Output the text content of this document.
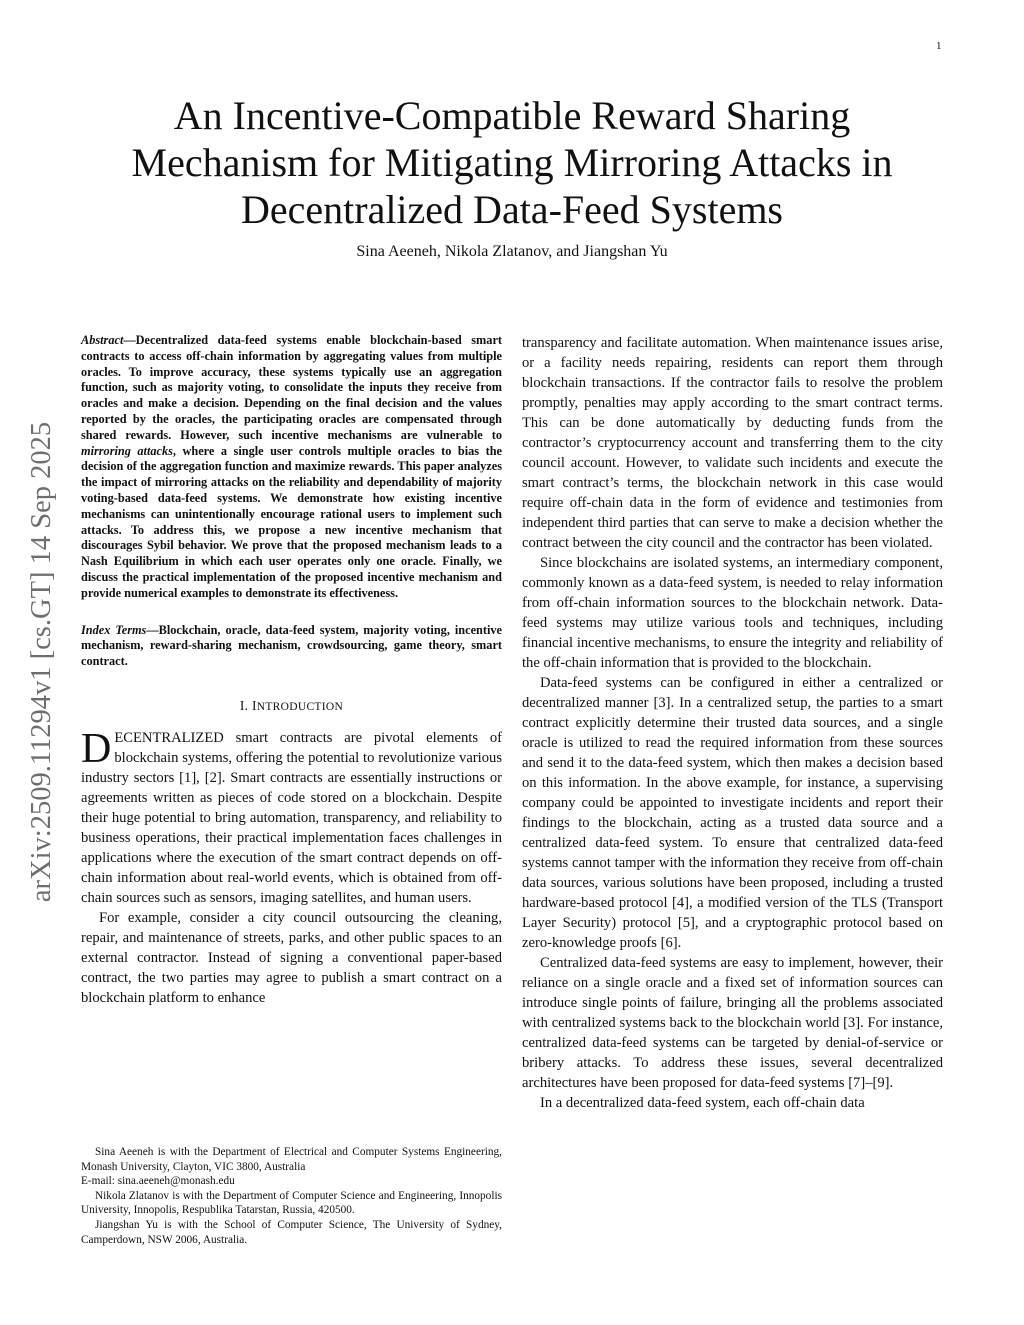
1
arXiv:2509.11294v1 [cs.GT] 14 Sep 2025
An Incentive-Compatible Reward Sharing Mechanism for Mitigating Mirroring Attacks in Decentralized Data-Feed Systems

Sina Aeeneh, Nikola Zlatanov, and Jiangshan Yu

Abstract—Decentralized data-feed systems enable blockchain-based smart contracts to access off-chain information by aggregating values from multiple oracles. To improve accuracy, these systems typically use an aggregation function, such as majority voting, to consolidate the inputs they receive from oracles and make a decision. Depending on the final decision and the values reported by the oracles, the participating oracles are compensated through shared rewards. However, such incentive mechanisms are vulnerable to mirroring attacks, where a single user controls multiple oracles to bias the decision of the aggregation function and maximize rewards. This paper analyzes the impact of mirroring attacks on the reliability and dependability of majority voting-based data-feed systems. We demonstrate how existing incentive mechanisms can unintentionally encourage rational users to implement such attacks. To address this, we propose a new incentive mechanism that discourages Sybil behavior. We prove that the proposed mechanism leads to a Nash Equilibrium in which each user operates only one oracle. Finally, we discuss the practical implementation of the proposed incentive mechanism and provide numerical examples to demonstrate its effectiveness.

Index Terms—Blockchain, oracle, data-feed system, majority voting, incentive mechanism, reward-sharing mechanism, crowdsourcing, game theory, smart contract.

I. INTRODUCTION

DECENTRALIZED smart contracts are pivotal elements of blockchain systems, offering the potential to revolutionize various industry sectors [1], [2]. Smart contracts are essentially instructions or agreements written as pieces of code stored on a blockchain. Despite their huge potential to bring automation, transparency, and reliability to business operations, their practical implementation faces challenges in applications where the execution of the smart contract depends on off-chain information about real-world events, which is obtained from off-chain sources such as sensors, imaging satellites, and human users.

For example, consider a city council outsourcing the cleaning, repair, and maintenance of streets, parks, and other public spaces to an external contractor. Instead of signing a conventional paper-based contract, the two parties may agree to publish a smart contract on a blockchain platform to enhance

Sina Aeeneh is with the Department of Electrical and Computer Systems Engineering, Monash University, Clayton, VIC 3800, Australia

E-mail: sina.aeeneh@monash.edu

Nikola Zlatanov is with the Department of Computer Science and Engineering, Innopolis University, Innopolis, Respublika Tatarstan, Russia, 420500.

Jiangshan Yu is with the School of Computer Science, The University of Sydney, Camperdown, NSW 2006, Australia.

transparency and facilitate automation. When maintenance issues arise, or a facility needs repairing, residents can report them through blockchain transactions. If the contractor fails to resolve the problem promptly, penalties may apply according to the smart contract terms. This can be done automatically by deducting funds from the contractor’s cryptocurrency account and transferring them to the city council account. However, to validate such incidents and execute the smart contract’s terms, the blockchain network in this case would require off-chain data in the form of evidence and testimonies from independent third parties that can serve to make a decision whether the contract between the city council and the contractor has been violated.

Since blockchains are isolated systems, an intermediary component, commonly known as a data-feed system, is needed to relay information from off-chain information sources to the blockchain network. Data-feed systems may utilize various tools and techniques, including financial incentive mechanisms, to ensure the integrity and reliability of the off-chain information that is provided to the blockchain.

Data-feed systems can be configured in either a centralized or decentralized manner [3]. In a centralized setup, the parties to a smart contract explicitly determine their trusted data sources, and a single oracle is utilized to read the required information from these sources and send it to the data-feed system, which then makes a decision based on this information. In the above example, for instance, a supervising company could be appointed to investigate incidents and report their findings to the blockchain, acting as a trusted data source and a centralized data-feed system. To ensure that centralized data-feed systems cannot tamper with the information they receive from off-chain data sources, various solutions have been proposed, including a trusted hardware-based protocol [4], a modified version of the TLS (Transport Layer Security) protocol [5], and a cryptographic protocol based on zero-knowledge proofs [6].

Centralized data-feed systems are easy to implement, however, their reliance on a single oracle and a fixed set of information sources can introduce single points of failure, bringing all the problems associated with centralized systems back to the blockchain world [3]. For instance, centralized data-feed systems can be targeted by denial-of-service or bribery attacks. To address these issues, several decentralized architectures have been proposed for data-feed systems [7]–[9].

In a decentralized data-feed system, each off-chain data
